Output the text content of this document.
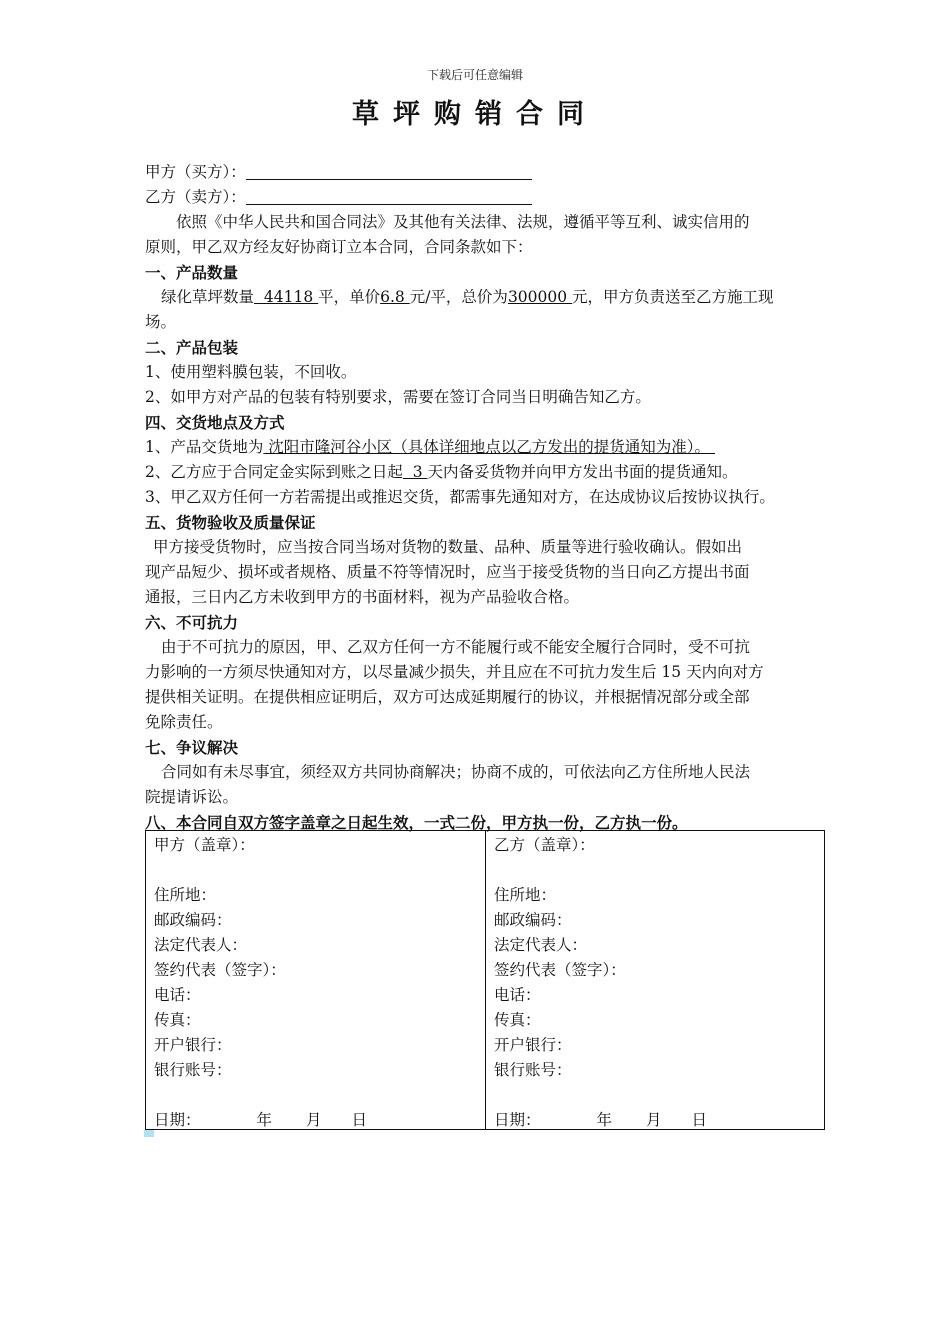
下载后可任意编辑
草坪购销合同
甲方（买方）：
乙方（卖方）：
依照《中华人民共和国合同法》及其他有关法律、法规，遵循平等互利、诚实信用的
原则，甲乙双方经友好协商订立本合同，合同条款如下：
一、产品数量
绿化草坪数量  44118 平，单价6.8 元/平，总价为300000 元，甲方负责送至乙方施工现
场。
二、产品包装
1、使用塑料膜包装，不回收。
2、如甲方对产品的包装有特别要求，需要在签订合同当日明确告知乙方。
四、交货地点及方式
1、产品交货地为 沈阳市隆河谷小区（具体详细地点以乙方发出的提货通知为准）。
2、乙方应于合同定金实际到账之日起  3 天内备妥货物并向甲方发出书面的提货通知。
3、甲乙双方任何一方若需提出或推迟交货，都需事先通知对方，在达成协议后按协议执行。
五、货物验收及质量保证
甲方接受货物时，应当按合同当场对货物的数量、品种、质量等进行验收确认。假如出
现产品短少、损坏或者规格、质量不符等情况时，应当于接受货物的当日向乙方提出书面
通报，三日内乙方未收到甲方的书面材料，视为产品验收合格。
六、不可抗力
由于不可抗力的原因，甲、乙双方任何一方不能履行或不能安全履行合同时，受不可抗
力影响的一方须尽快通知对方，以尽量减少损失，并且应在不可抗力发生后 15 天内向对方
提供相关证明。在提供相应证明后，双方可达成延期履行的协议，并根据情况部分或全部
免除责任。
七、争议解决
合同如有未尽事宜，须经双方共同协商解决；协商不成的，可依法向乙方住所地人民法
院提请诉讼。
八、本合同自双方签字盖章之日起生效，一式二份，甲方执一份，乙方执一份。
甲方（盖章）：
住所地：
邮政编码：
法定代表人：
签约代表（签字）：
电话：
传真：
开户银行：
银行账号：
日期：	年 月 日
乙方（盖章）：
住所地：
邮政编码：
法定代表人：
签约代表（签字）：
电话：
传真：
开户银行：
银行账号：
日期：	年 月 日
